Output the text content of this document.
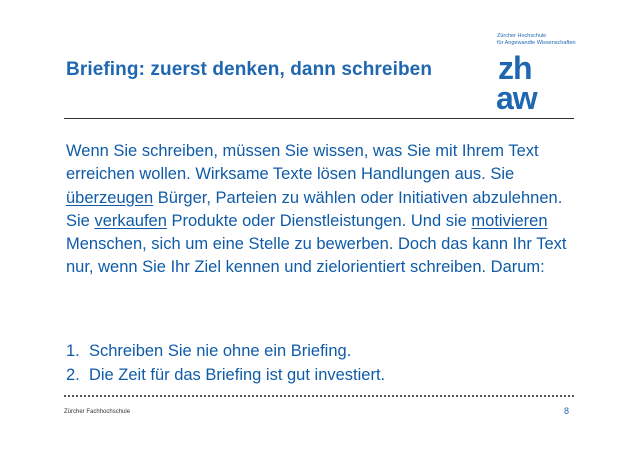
Zürcher Hochschule
für Angewandte Wissenschaften
zh
aw
Briefing: zuerst denken, dann schreiben
Wenn Sie schreiben, müssen Sie wissen, was Sie mit Ihrem Text erreichen wollen. Wirksame Texte lösen Handlungen aus. Sie überzeugen Bürger, Parteien zu wählen oder Initiativen abzulehnen. Sie verkaufen Produkte oder Dienstleistungen. Und sie motivieren Menschen, sich um eine Stelle zu bewerben. Doch das kann Ihr Text nur, wenn Sie Ihr Ziel kennen und zielorientiert schreiben. Darum:
1. Schreiben Sie nie ohne ein Briefing.
2. Die Zeit für das Briefing ist gut investiert.
Zürcher Fachhochschule	8
